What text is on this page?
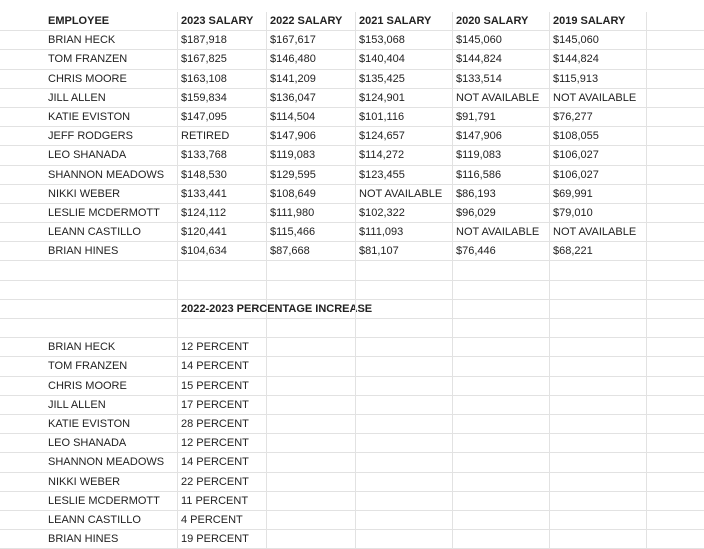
EMPLOYEE	2023 SALARY	2022 SALARY	2021 SALARY	2020 SALARY	2019 SALARY
BRIAN HECK	$187,918	$167,617	$153,068	$145,060	$145,060
TOM FRANZEN	$167,825	$146,480	$140,404	$144,824	$144,824
CHRIS MOORE	$163,108	$141,209	$135,425	$133,514	$115,913
JILL ALLEN	$159,834	$136,047	$124,901	NOT AVAILABLE	NOT AVAILABLE
KATIE EVISTON	$147,095	$114,504	$101,116	$91,791	$76,277
JEFF RODGERS	RETIRED	$147,906	$124,657	$147,906	$108,055
LEO SHANADA	$133,768	$119,083	$114,272	$119,083	$106,027
SHANNON MEADOWS	$148,530	$129,595	$123,455	$116,586	$106,027
NIKKI WEBER	$133,441	$108,649	NOT AVAILABLE	$86,193	$69,991
LESLIE MCDERMOTT	$124,112	$111,980	$102,322	$96,029	$79,010
LEANN CASTILLO	$120,441	$115,466	$111,093	NOT AVAILABLE	NOT AVAILABLE
BRIAN HINES	$104,634	$87,668	$81,107	$76,446	$68,221
2022-2023 PERCENTAGE INCREASE
BRIAN HECK	12 PERCENT
TOM FRANZEN	14 PERCENT
CHRIS MOORE	15 PERCENT
JILL ALLEN	17 PERCENT
KATIE EVISTON	28 PERCENT
LEO SHANADA	12 PERCENT
SHANNON MEADOWS	14 PERCENT
NIKKI WEBER	22 PERCENT
LESLIE MCDERMOTT	11 PERCENT
LEANN CASTILLO	4 PERCENT
BRIAN HINES	19 PERCENT
